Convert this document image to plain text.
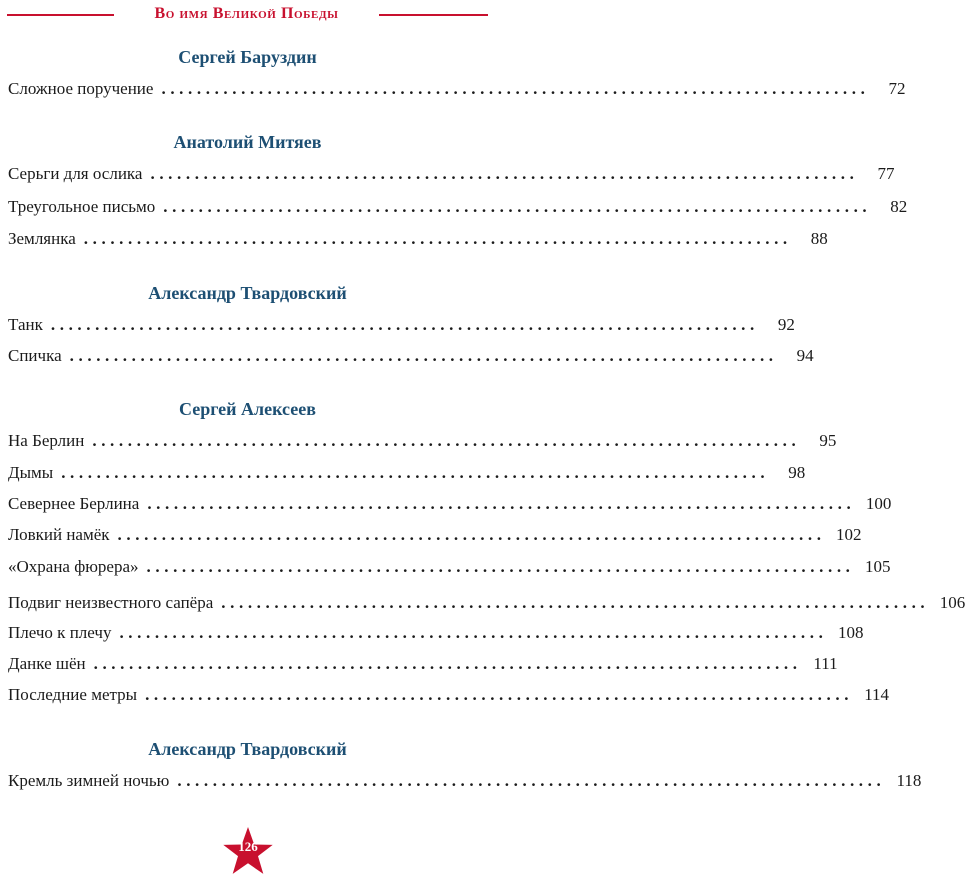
Во имя Великой Победы
Сергей Баруздин
Сложное поручение ................................................................................	72
Анатолий Митяев
Серьги для ослика ................................................................................	77
Треугольное письмо ................................................................................	82
Землянка ................................................................................	88
Александр Твардовский
Танк ................................................................................	92
Спичка ................................................................................	94
Сергей Алексеев
На Берлин ................................................................................	95
Дымы ................................................................................	98
Севернее Берлина ................................................................................ 100
Ловкий намёк ................................................................................ 102
«Охрана фюрера» ................................................................................ 105
Подвиг неизвестного сапёра ................................................................................ 106
Плечо к плечу ................................................................................ 108
Данке шён ................................................................................ 111
Последние метры ................................................................................ 114
Александр Твардовский
Кремль зимней ночью ................................................................................ 118
126
